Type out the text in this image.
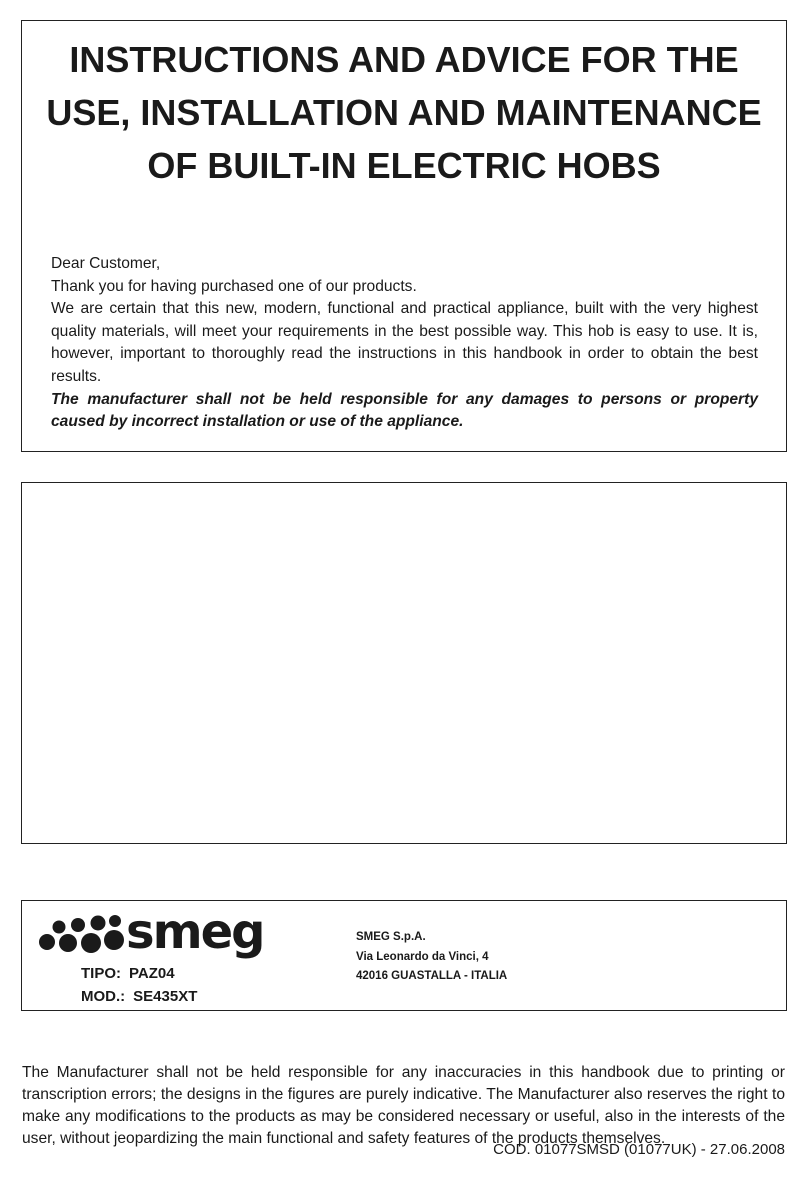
INSTRUCTIONS AND ADVICE FOR THE
USE, INSTALLATION AND MAINTENANCE
OF BUILT-IN ELECTRIC HOBS

Dear Customer,

Thank you for having purchased one of our products.

We are certain that this new, modern, functional and practical appliance, built with the very highest quality materials, will meet your requirements in the best possible way. This hob is easy to use. It is, however, important to thoroughly read the instructions in this handbook in order to obtain the best results.

The manufacturer shall not be held responsible for any damages to persons or property caused by incorrect installation or use of the appliance.

smeg
TIPO: PAZ04
MOD.: SE435XT
SMEG S.p.A.
Via Leonardo da Vinci, 4
42016 GUASTALLA - ITALIA

The Manufacturer shall not be held responsible for any inaccuracies in this handbook due to printing or transcription errors; the designs in the figures are purely indicative. The Manufacturer also reserves the right to make any modifications to the products as may be considered necessary or useful, also in the interests of the user, without jeopardizing the main functional and safety features of the products themselves.

COD. 01077SMSD (01077UK) - 27.06.2008
